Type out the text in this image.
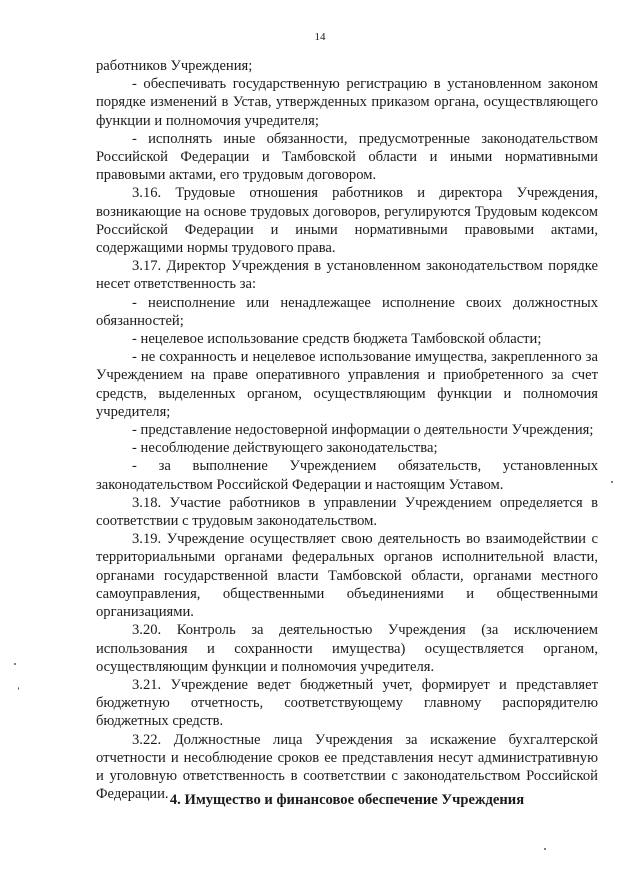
14

работников Учреждения;

- обеспечивать государственную регистрацию в установленном законом порядке изменений в Устав, утвержденных приказом органа, осуществляющего функции и полномочия учредителя;

- исполнять иные обязанности, предусмотренные законодательством Российской Федерации и Тамбовской области и иными нормативными правовыми актами, его трудовым договором.

3.16. Трудовые отношения работников и директора Учреждения, возникающие на основе трудовых договоров, регулируются Трудовым кодексом Российской Федерации и иными нормативными правовыми актами, содержащими нормы трудового права.

3.17. Директор Учреждения в установленном законодательством порядке несет ответственность за:

- неисполнение или ненадлежащее исполнение своих должностных обязанностей;

- нецелевое использование средств бюджета Тамбовской области;

- не сохранность и нецелевое использование имущества, закрепленного за Учреждением на праве оперативного управления и приобретенного за счет средств, выделенных органом, осуществляющим функции и полномочия учредителя;

- представление недостоверной информации о деятельности Учреждения;

- несоблюдение действующего законодательства;

- за выполнение Учреждением обязательств, установленных законодательством Российской Федерации и настоящим Уставом.

3.18. Участие работников в управлении Учреждением определяется в соответствии с трудовым законодательством.

3.19. Учреждение осуществляет свою деятельность во взаимодействии с территориальными органами федеральных органов исполнительной власти, органами государственной власти Тамбовской области, органами местного самоуправления, общественными объединениями и общественными организациями.

3.20. Контроль за деятельностью Учреждения (за исключением использования и сохранности имущества) осуществляется органом, осуществляющим функции и полномочия учредителя.

3.21. Учреждение ведет бюджетный учет, формирует и представляет бюджетную отчетность, соответствующему главному распорядителю бюджетных средств.

3.22. Должностные лица Учреждения за искажение бухгалтерской отчетности и несоблюдение сроков ее представления несут административную и уголовную ответственность в соответствии с законодательством Российской Федерации. 4. Имущество и финансовое обеспечение Учреждения
